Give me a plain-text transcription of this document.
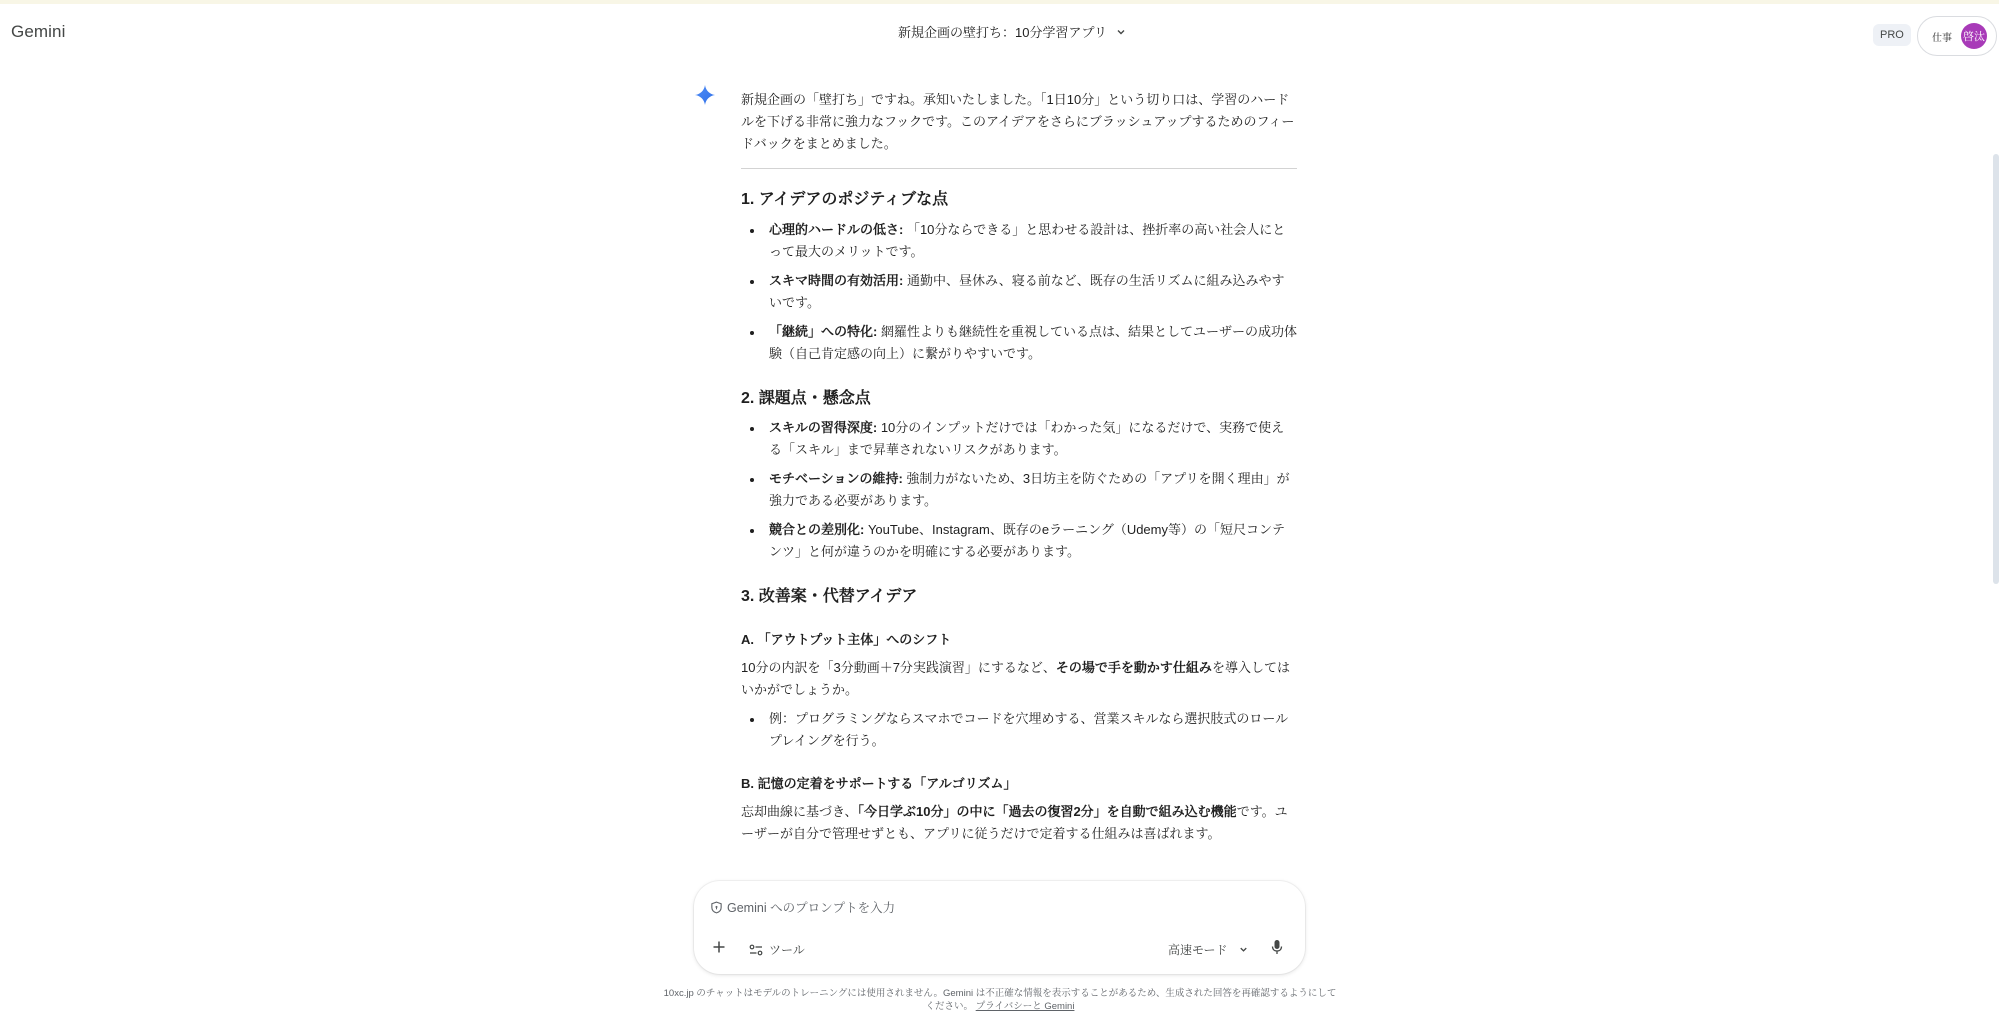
Gemini	新規企画の壁打ち：10分学習アプリ	PRO	仕事 啓汰

新規企画の「壁打ち」ですね。承知いたしました。「1日10分」という切り口は、学習のハードルを下げる非常に強力なフックです。このアイデアをさらにブラッシュアップするためのフィードバックをまとめました。

1. アイデアのポジティブな点
心理的ハードルの低さ: 「10分ならできる」と思わせる設計は、挫折率の高い社会人にとって最大のメリットです。
スキマ時間の有効活用: 通勤中、昼休み、寝る前など、既存の生活リズムに組み込みやすいです。
「継続」への特化: 網羅性よりも継続性を重視している点は、結果としてユーザーの成功体験（自己肯定感の向上）に繋がりやすいです。
2. 課題点・懸念点
スキルの習得深度: 10分のインプットだけでは「わかった気」になるだけで、実務で使える「スキル」まで昇華されないリスクがあります。
モチベーションの維持: 強制力がないため、3日坊主を防ぐための「アプリを開く理由」が強力である必要があります。
競合との差別化: YouTube、Instagram、既存のeラーニング（Udemy等）の「短尺コンテンツ」と何が違うのかを明確にする必要があります。
3. 改善案・代替アイデア
A. 「アウトプット主体」へのシフト

10分の内訳を「3分動画＋7分実践演習」にするなど、その場で手を動かす仕組みを導入してはいかがでしょうか。

例：プログラミングならスマホでコードを穴埋めする、営業スキルなら選択肢式のロールプレイングを行う。
B. 記憶の定着をサポートする「アルゴリズム」

忘却曲線に基づき、「今日学ぶ10分」の中に「過去の復習2分」を自動で組み込む機能です。ユーザーが自分で管理せずとも、アプリに従うだけで定着する仕組みは喜ばれます。

Gemini へのプロンプトを入力
ツール	高速モード
10xc.jp のチャットはモデルのトレーニングには使用されません。Gemini は不正確な情報を表示することがあるため、生成された回答を再確認するようにしてください。 プライバシーと Gemini
